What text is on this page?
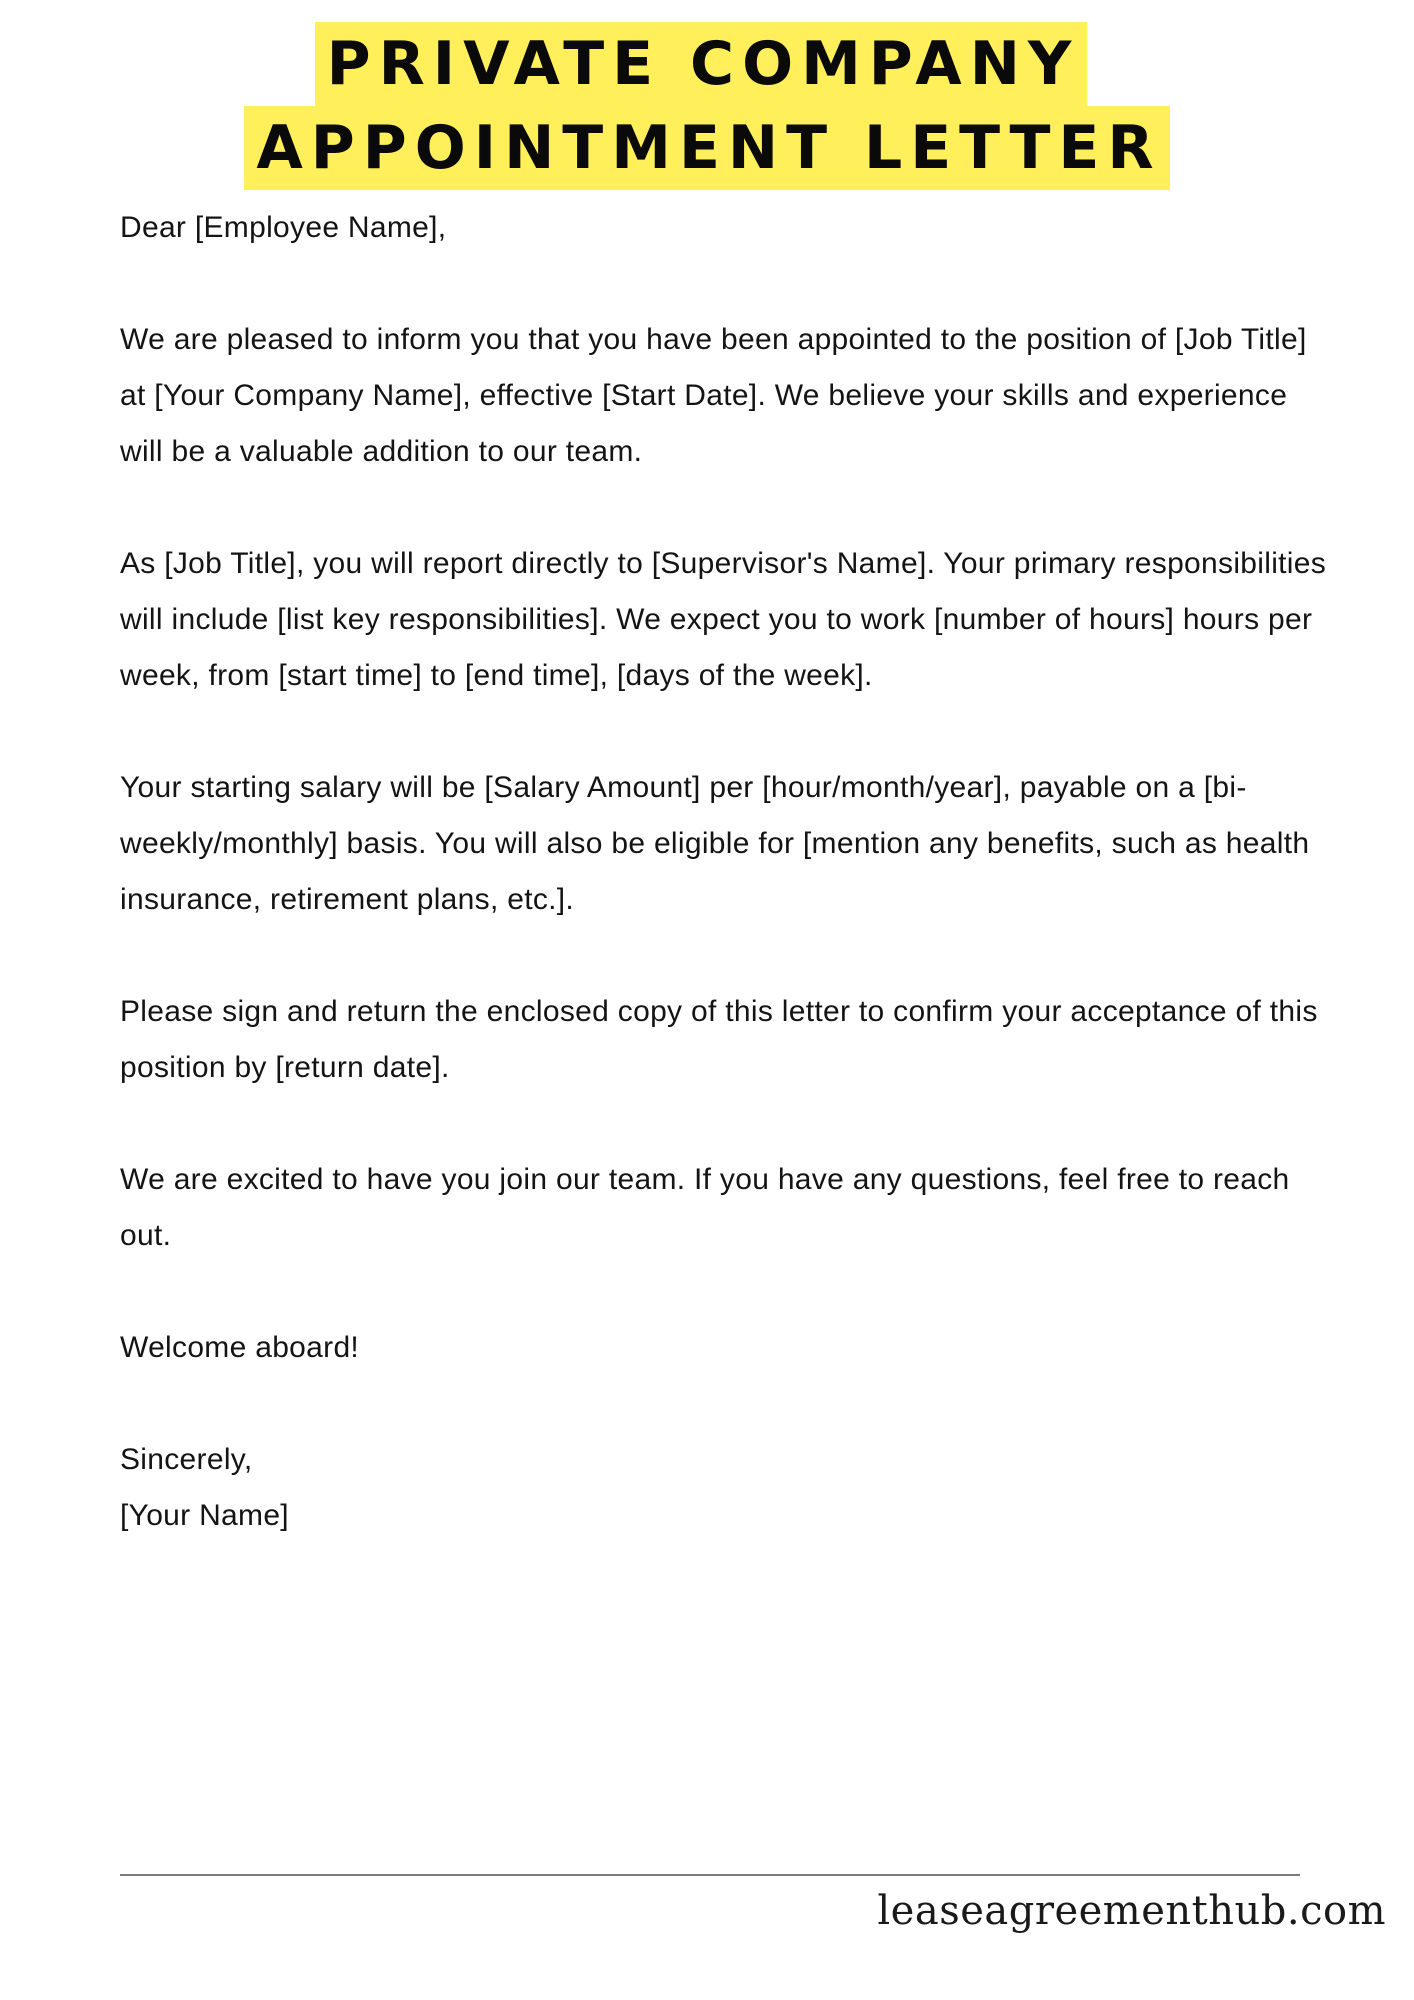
PRIVATE COMPANY
APPOINTMENT LETTER

Dear [Employee Name],

We are pleased to inform you that you have been appointed to the position of [Job Title] at [Your Company Name], effective [Start Date]. We believe your skills and experience will be a valuable addition to our team.

As [Job Title], you will report directly to [Supervisor's Name]. Your primary responsibilities will include [list key responsibilities]. We expect you to work [number of hours] hours per week, from [start time] to [end time], [days of the week].

Your starting salary will be [Salary Amount] per [hour/month/year], payable on a [bi-weekly/monthly] basis. You will also be eligible for [mention any benefits, such as health insurance, retirement plans, etc.].

Please sign and return the enclosed copy of this letter to confirm your acceptance of this position by [return date].

We are excited to have you join our team. If you have any questions, feel free to reach out.

Welcome aboard!

Sincerely,

[Your Name]

leaseagreementhub.com
